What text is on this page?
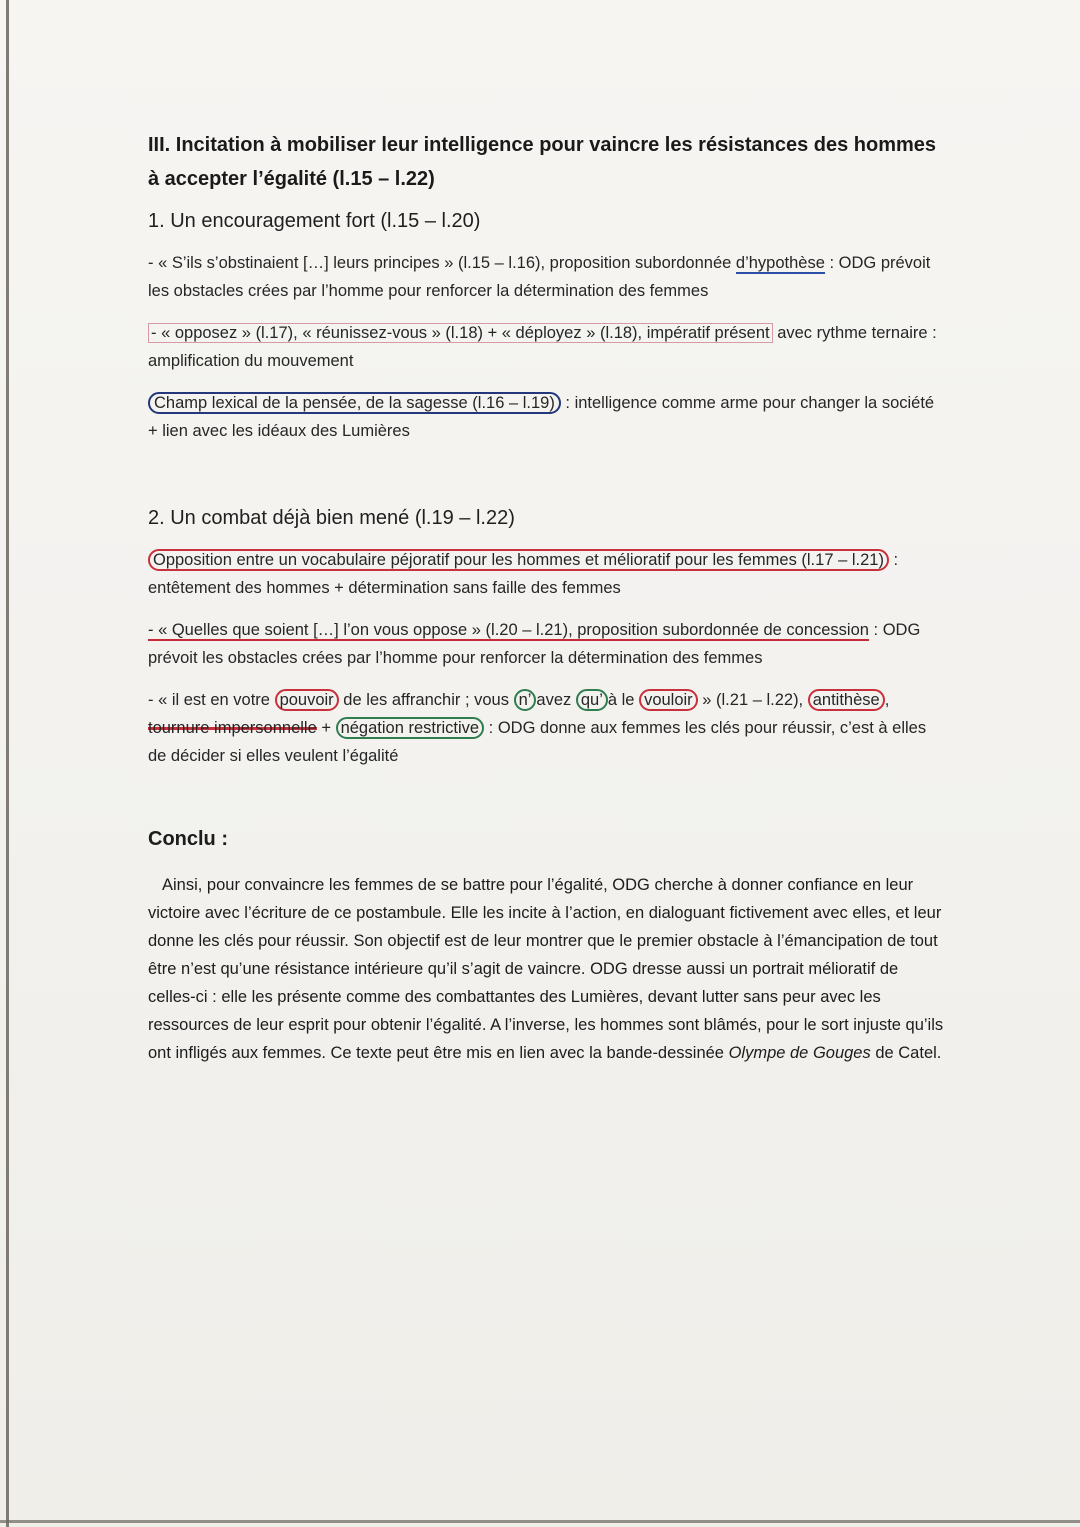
III. Incitation à mobiliser leur intelligence pour vaincre les résistances des hommes à accepter l’égalité (l.15 – l.22)
1. Un encouragement fort (l.15 – l.20)

- « S’ils s’obstinaient […] leurs principes » (l.15 – l.16), proposition subordonnée d’hypothèse : ODG prévoit les obstacles crées par l’homme pour renforcer la détermination des femmes

- « opposez » (l.17), « réunissez-vous » (l.18) + « déployez » (l.18), impératif présent avec rythme ternaire : amplification du mouvement

Champ lexical de la pensée, de la sagesse (l.16 – l.19) : intelligence comme arme pour changer la société + lien avec les idéaux des Lumières

2. Un combat déjà bien mené (l.19 – l.22)

Opposition entre un vocabulaire péjoratif pour les hommes et mélioratif pour les femmes (l.17 – l.21) : entêtement des hommes + détermination sans faille des femmes

- « Quelles que soient […] l’on vous oppose » (l.20 – l.21), proposition subordonnée de concession : ODG prévoit les obstacles crées par l’homme pour renforcer la détermination des femmes

- « il est en votre pouvoir de les affranchir ; vous n’ avez qu’ à le vouloir » (l.21 – l.22), antithèse , tournure impersonnelle + négation restrictive : ODG donne aux femmes les clés pour réussir, c’est à elles de décider si elles veulent l’égalité

Conclu :

Ainsi, pour convaincre les femmes de se battre pour l’égalité, ODG cherche à donner confiance en leur victoire avec l’écriture de ce postambule. Elle les incite à l’action, en dialoguant fictivement avec elles, et leur donne les clés pour réussir. Son objectif est de leur montrer que le premier obstacle à l’émancipation de tout être n’est qu’une résistance intérieure qu’il s’agit de vaincre. ODG dresse aussi un portrait mélioratif de celles-ci : elle les présente comme des combattantes des Lumières, devant lutter sans peur avec les ressources de leur esprit pour obtenir l’égalité. A l’inverse, les hommes sont blâmés, pour le sort injuste qu’ils ont infligés aux femmes. Ce texte peut être mis en lien avec la bande-dessinée Olympe de Gouges de Catel.
